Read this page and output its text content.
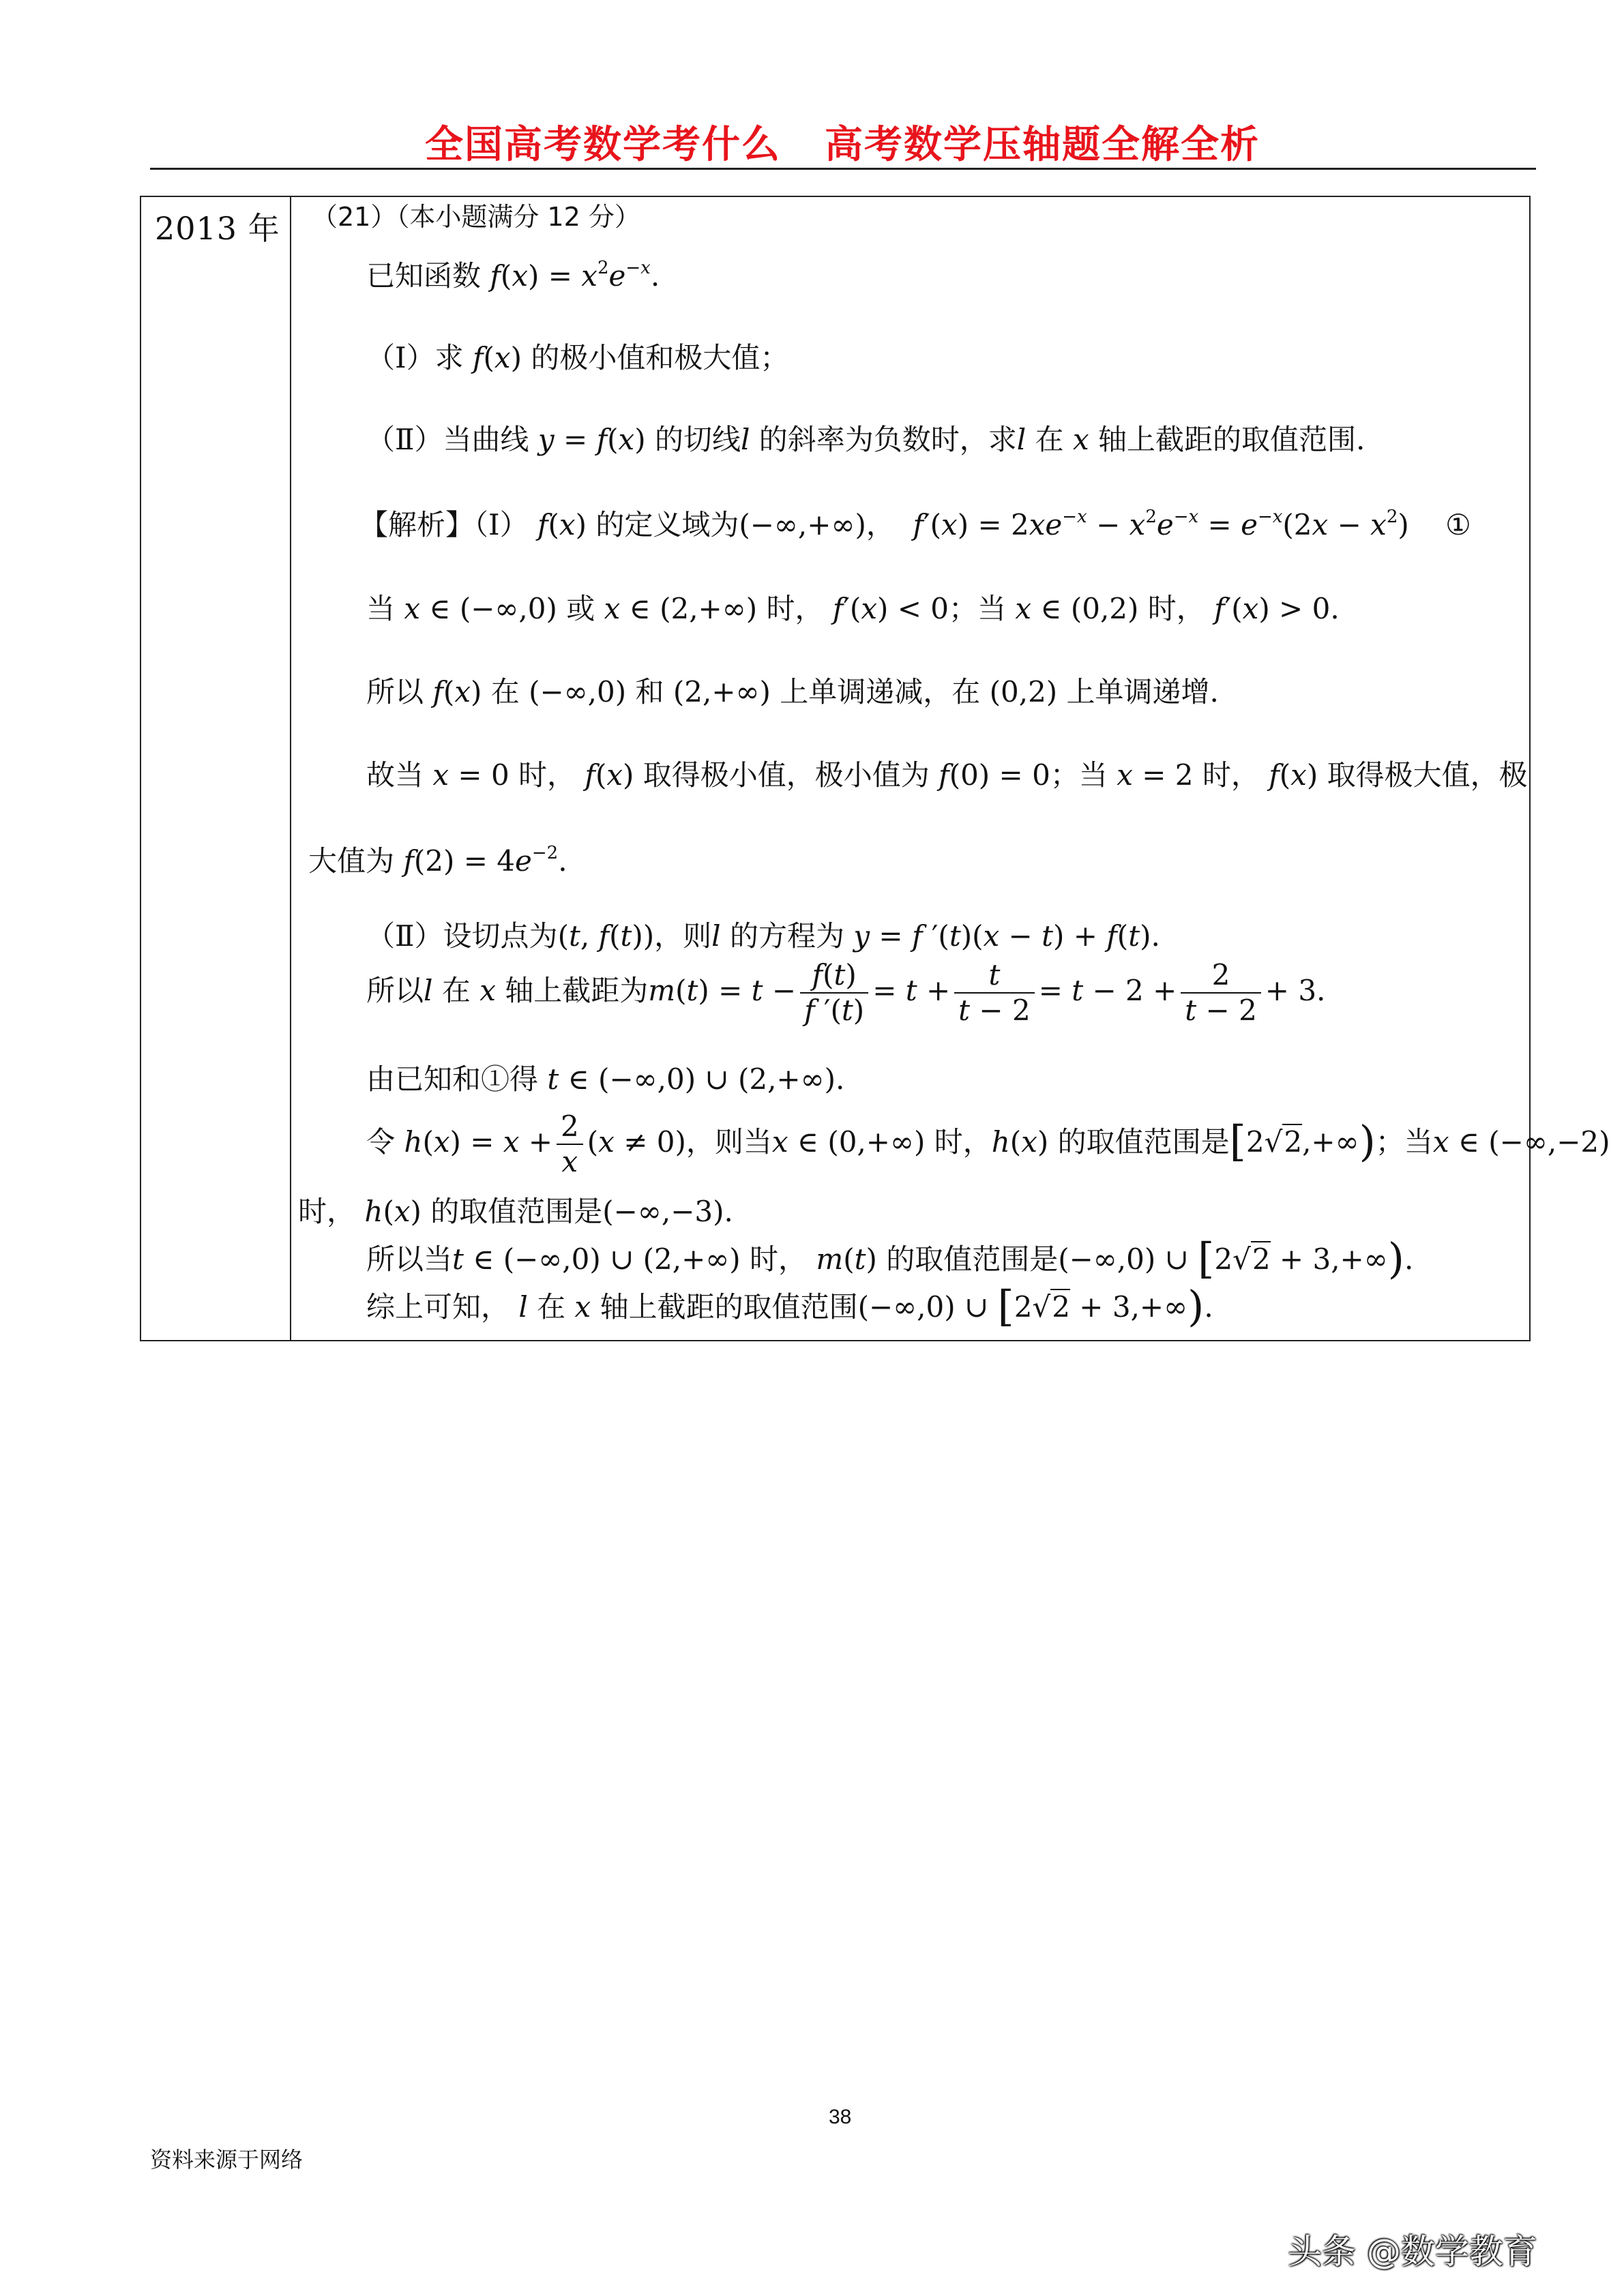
全国高考数学考什么 高考数学压轴题全解全析
2013 年 （21）（本小题满分 12 分）
已知函数 $f(x) = x^2e^{-x}$.
（Ⅰ）求 f(x) 的极小值和极大值；
（Ⅱ）当曲线 y = f(x) 的切线l 的斜率为负数时，求l 在 x 轴上截距的取值范围.
【解析】（Ⅰ） f(x) 的定义域为(−∞,+∞)，  $f'(x) = 2xe^{-x} - x^2e^{-x} = e^{-x}(2x - x^2)$    ①
当 x ∈ (−∞,0) 或 x ∈ (2,+∞) 时， f′(x) < 0；当 x ∈ (0,2) 时， f′(x) > 0.
所以 f(x) 在 (−∞,0) 和 (2,+∞) 上单调递减，在 (0,2) 上单调递增.
故当 x = 0 时， f(x) 取得极小值，极小值为 f(0) = 0；当 x = 2 时， f(x) 取得极大值，极
大值为 $f(2) = 4e^{-2}$.
（Ⅱ）设切点为(t, f(t))，则l 的方程为 y = f ′(t)(x − t) + f(t).
所以l 在 x 轴上截距为$m(t) = t - \frac{f(t)}{f '(t)} = t + \frac{t}{t - 2} = t - 2 + \frac{2}{t - 2} + 3$.
由已知和①得 t ∈ (−∞,0) ∪ (2,+∞).
令 $h(x) = x + \frac{2}{x} (x \ne 0)$，则当x ∈ (0,+∞) 时，h(x) 的取值范围是[2√2,+∞)；当x ∈ (−∞,−2)
时， h(x) 的取值范围是(−∞,−3).
所以当t ∈ (−∞,0) ∪ (2,+∞) 时， m(t) 的取值范围是(−∞,0) ∪ [2√2 + 3,+∞).
综上可知， l 在 x 轴上截距的取值范围(−∞,0) ∪ [2√2 + 3,+∞).
38
资料来源于网络
头条 @数学教育
